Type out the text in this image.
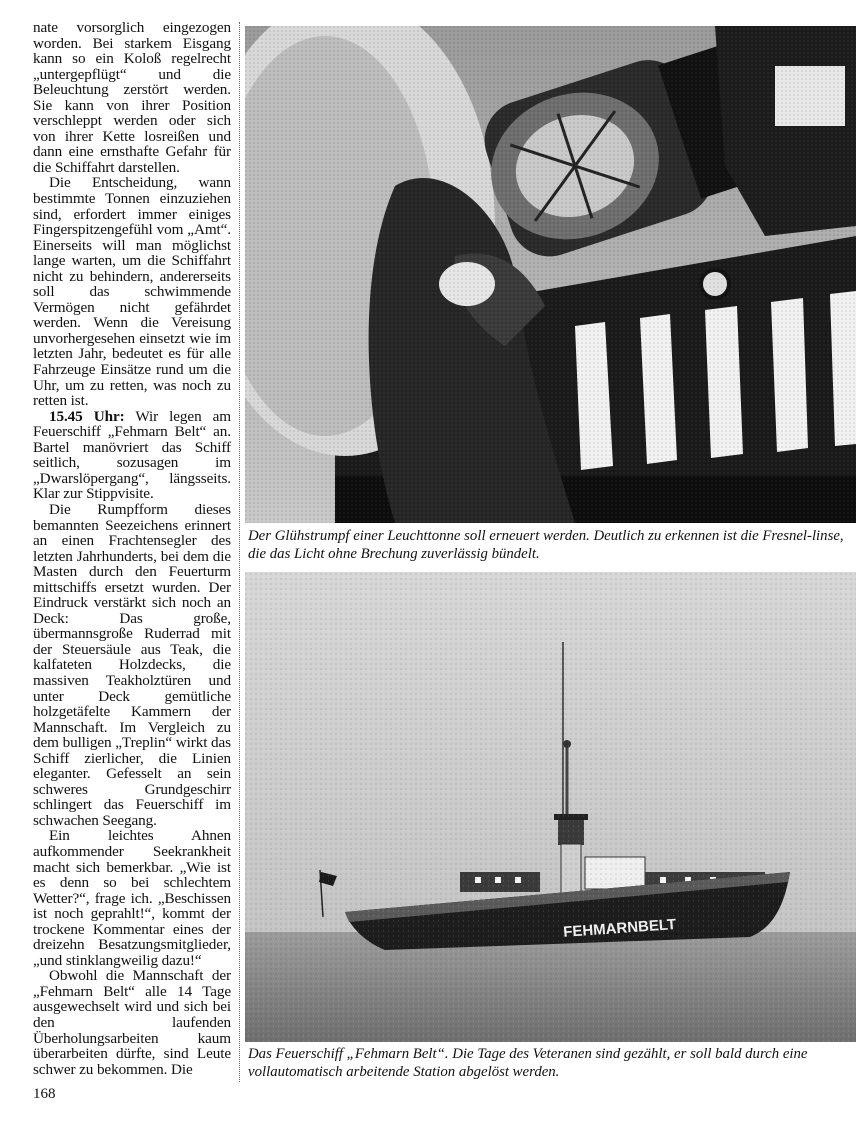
nate vorsorglich eingezogen worden. Bei starkem Eisgang kann so ein Koloß regelrecht „untergepflügt“ und die Beleuchtung zerstört werden. Sie kann von ihrer Position verschleppt werden oder sich von ihrer Kette losreißen und dann eine ernsthafte Gefahr für die Schiffahrt darstellen.

Die Entscheidung, wann bestimmte Tonnen einzuziehen sind, erfordert immer einiges Fingerspitzengefühl vom „Amt“. Einerseits will man möglichst lange warten, um die Schiffahrt nicht zu behindern, andererseits soll das schwimmende Vermögen nicht gefährdet werden. Wenn die Vereisung unvorhergesehen einsetzt wie im letzten Jahr, bedeutet es für alle Fahrzeuge Einsätze rund um die Uhr, um zu retten, was noch zu retten ist.

15.45 Uhr: Wir legen am Feuerschiff „Fehmarn Belt“ an. Bartel manövriert das Schiff seitlich, sozusagen im „Dwarslöpergang“, längsseits. Klar zur Stippvisite.

Die Rumpfform dieses bemannten Seezeichens erinnert an einen Frachtensegler des letzten Jahrhunderts, bei dem die Masten durch den Feuerturm mittschiffs ersetzt wurden. Der Eindruck verstärkt sich noch an Deck: Das große, übermannsgroße Ruderrad mit der Steuersäule aus Teak, die kalfateten Holzdecks, die massiven Teakholztüren und unter Deck gemütliche holzgetäfelte Kammern der Mannschaft. Im Vergleich zu dem bulligen „Treplin“ wirkt das Schiff zierlicher, die Linien eleganter. Gefesselt an sein schweres Grundgeschirr schlingert das Feuerschiff im schwachen Seegang.

Ein leichtes Ahnen aufkommender Seekrankheit macht sich bemerkbar. „Wie ist es denn so bei schlechtem Wetter?“, frage ich. „Beschissen ist noch geprahlt!“, kommt der trockene Kommentar eines der dreizehn Besatzungsmitglieder, „und stinklangweilig dazu!“

Obwohl die Mannschaft der „Fehmarn Belt“ alle 14 Tage ausgewechselt wird und sich bei den laufenden Überholungsarbeiten kaum überarbeiten dürfte, sind Leute schwer zu bekommen. Die

Der Glühstrumpf einer Leuchttonne soll erneuert werden. Deutlich zu erkennen ist die Fresnel-linse, die das Licht ohne Brechung zuverlässig bündelt.
Das Feuerschiff „Fehmarn Belt“. Die Tage des Veteranen sind gezählt, er soll bald durch eine vollautomatisch arbeitende Station abgelöst werden.
168
